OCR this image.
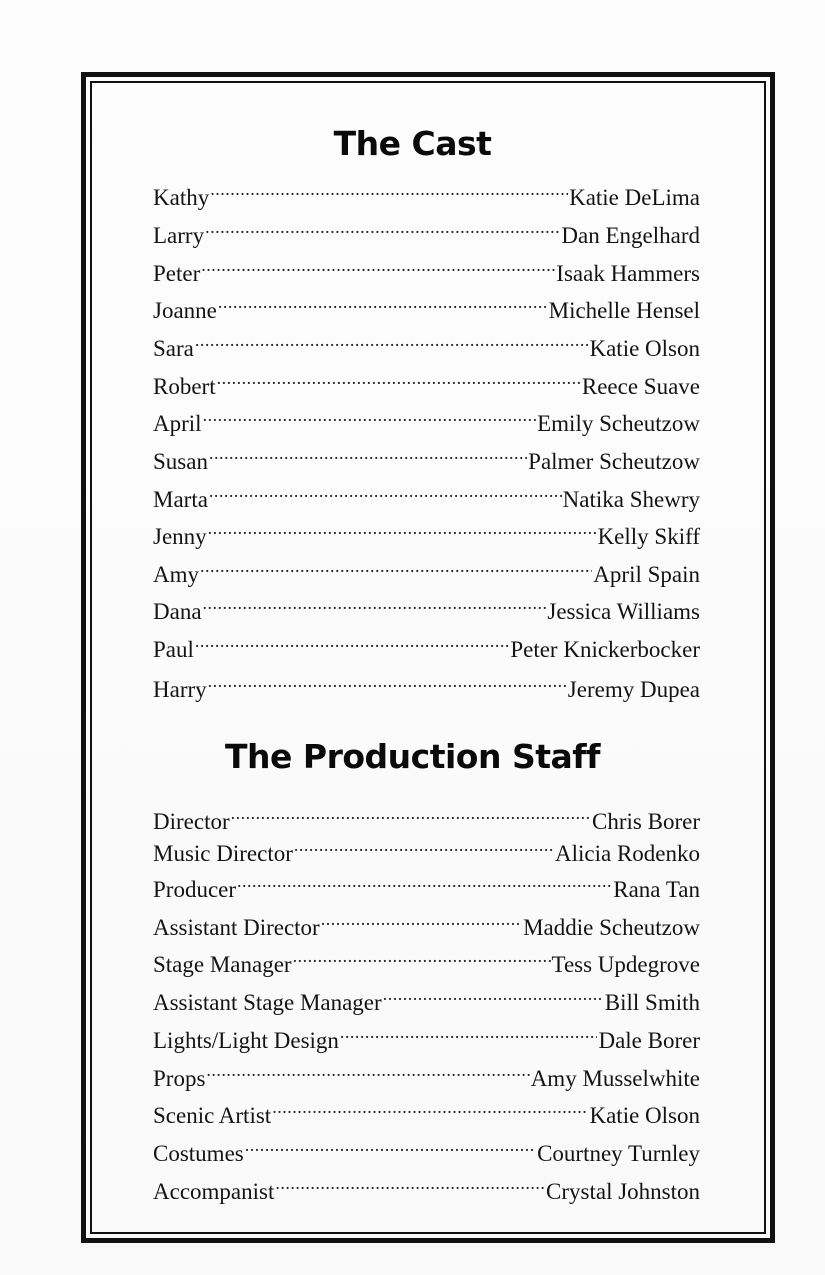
The Cast
Kathy .....	Katie DeLima
Larry .....	Dan Engelhard
Peter .....	Isaak Hammers
Joanne .....	Michelle Hensel
Sara .....	Katie Olson
Robert .....	Reece Suave
April .....	Emily Scheutzow
Susan .....	Palmer Scheutzow
Marta .....	Natika Shewry
Jenny .....	Kelly Skiff
Amy .....	April Spain
Dana .....	Jessica Williams
Paul .....	Peter Knickerbocker
Harry .....	Jeremy Dupea
The Production Staff
Director .....	Chris Borer
Music Director .....	Alicia Rodenko
Producer .....	Rana Tan
Assistant Director .....	Maddie Scheutzow
Stage Manager .....	Tess Updegrove
Assistant Stage Manager .....	Bill Smith
Lights/Light Design .....	Dale Borer
Props .....	Amy Musselwhite
Scenic Artist .....	Katie Olson
Costumes .....	Courtney Turnley
Accompanist .....	Crystal Johnston
